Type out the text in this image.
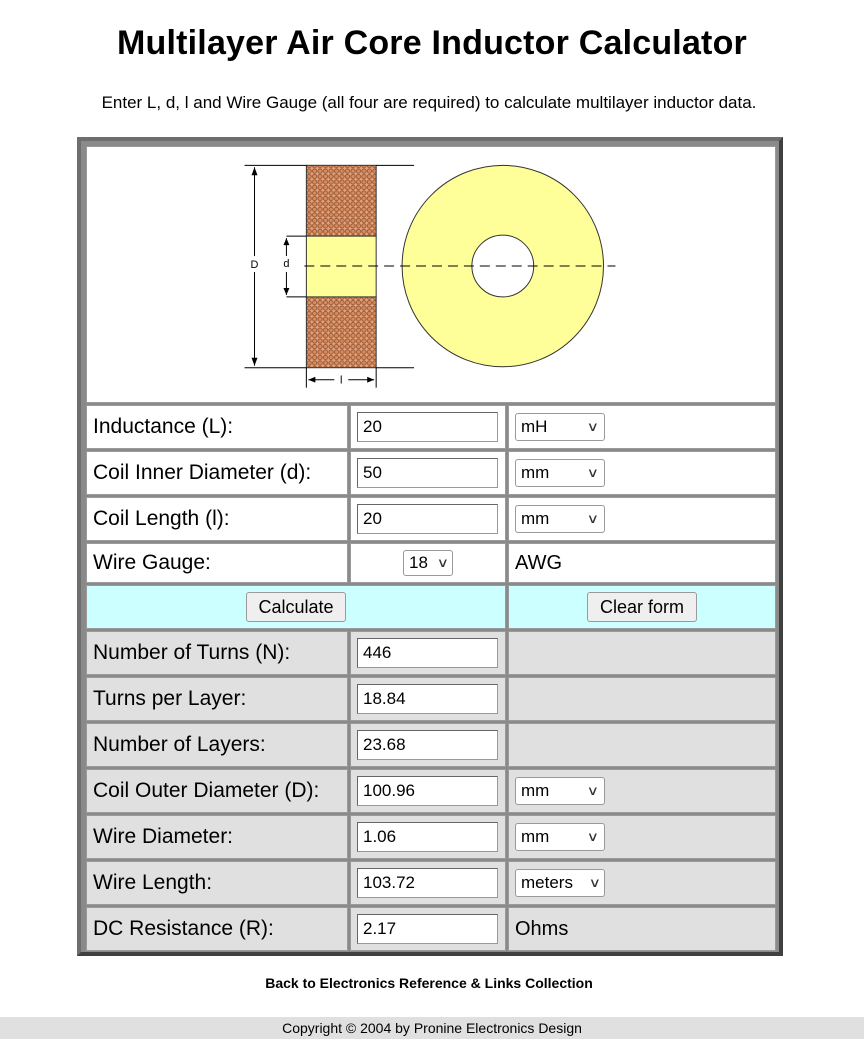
Multilayer Air Core Inductor Calculator
Enter L, d, l and Wire Gauge (all four are required) to calculate multilayer inductor data.
D d
l
Inductance (L):	20	mH	∨
Coil Inner Diameter (d):	50	mm	∨
Coil Length (l):	20	mm	∨
Wire Gauge:	18 ∨	AWG
Calculate	Clear form
Number of Turns (N):	446
Turns per Layer:	18.84
Number of Layers:	23.68
Coil Outer Diameter (D):	100.96	mm	∨
Wire Diameter:	1.06	mm	∨
Wire Length:	103.72	meters ∨
DC Resistance (R):	2.17	Ohms
Back to Electronics Reference & Links Collection
Copyright © 2004 by Pronine Electronics Design
